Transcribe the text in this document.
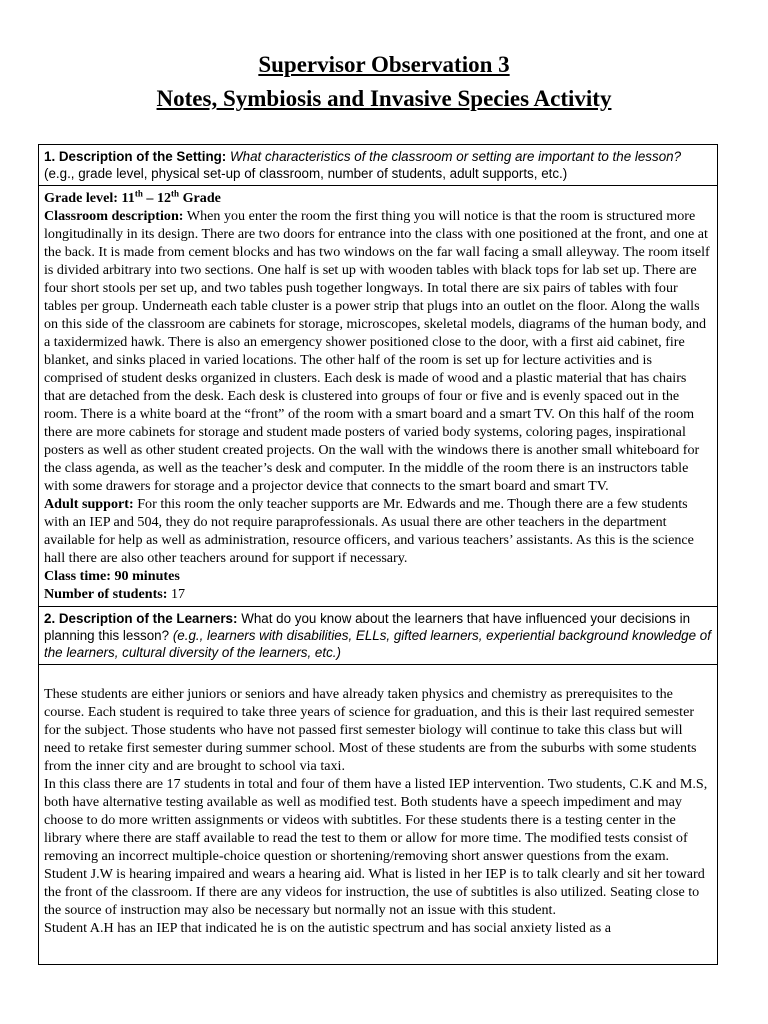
Supervisor Observation 3
Notes, Symbiosis and Invasive Species Activity
1. Description of the Setting: What characteristics of the classroom or setting are important to the lesson? (e.g., grade level, physical set-up of classroom, number of students, adult supports, etc.)

Grade level: 11th – 12th Grade

Classroom description: When you enter the room the first thing you will notice is that the room is structured more longitudinally in its design. There are two doors for entrance into the class with one positioned at the front, and one at the back. It is made from cement blocks and has two windows on the far wall facing a small alleyway. The room itself is divided arbitrary into two sections. One half is set up with wooden tables with black tops for lab set up. There are four short stools per set up, and two tables push together longways. In total there are six pairs of tables with four tables per group. Underneath each table cluster is a power strip that plugs into an outlet on the floor. Along the walls on this side of the classroom are cabinets for storage, microscopes, skeletal models, diagrams of the human body, and a taxidermized hawk. There is also an emergency shower positioned close to the door, with a first aid cabinet, fire blanket, and sinks placed in varied locations. The other half of the room is set up for lecture activities and is comprised of student desks organized in clusters. Each desk is made of wood and a plastic material that has chairs that are detached from the desk. Each desk is clustered into groups of four or five and is evenly spaced out in the room. There is a white board at the “front” of the room with a smart board and a smart TV. On this half of the room there are more cabinets for storage and student made posters of varied body systems, coloring pages, inspirational posters as well as other student created projects. On the wall with the windows there is another small whiteboard for the class agenda, as well as the teacher’s desk and computer. In the middle of the room there is an instructors table with some drawers for storage and a projector device that connects to the smart board and smart TV.

Adult support: For this room the only teacher supports are Mr. Edwards and me. Though there are a few students with an IEP and 504, they do not require paraprofessionals. As usual there are other teachers in the department available for help as well as administration, resource officers, and various teachers’ assistants. As this is the science hall there are also other teachers around for support if necessary.

Class time: 90 minutes

Number of students: 17

2. Description of the Learners: What do you know about the learners that have influenced your decisions in planning this lesson? (e.g., learners with disabilities, ELLs, gifted learners, experiential background knowledge of the learners, cultural diversity of the learners, etc.)

These students are either juniors or seniors and have already taken physics and chemistry as prerequisites to the course. Each student is required to take three years of science for graduation, and this is their last required semester for the subject. Those students who have not passed first semester biology will continue to take this class but will need to retake first semester during summer school. Most of these students are from the suburbs with some students from the inner city and are brought to school via taxi.

In this class there are 17 students in total and four of them have a listed IEP intervention. Two students, C.K and M.S, both have alternative testing available as well as modified test. Both students have a speech impediment and may choose to do more written assignments or videos with subtitles. For these students there is a testing center in the library where there are staff available to read the test to them or allow for more time. The modified tests consist of removing an incorrect multiple-choice question or shortening/removing short answer questions from the exam.

Student J.W is hearing impaired and wears a hearing aid. What is listed in her IEP is to talk clearly and sit her toward the front of the classroom. If there are any videos for instruction, the use of subtitles is also utilized. Seating close to the source of instruction may also be necessary but normally not an issue with this student.

Student A.H has an IEP that indicated he is on the autistic spectrum and has social anxiety listed as a
